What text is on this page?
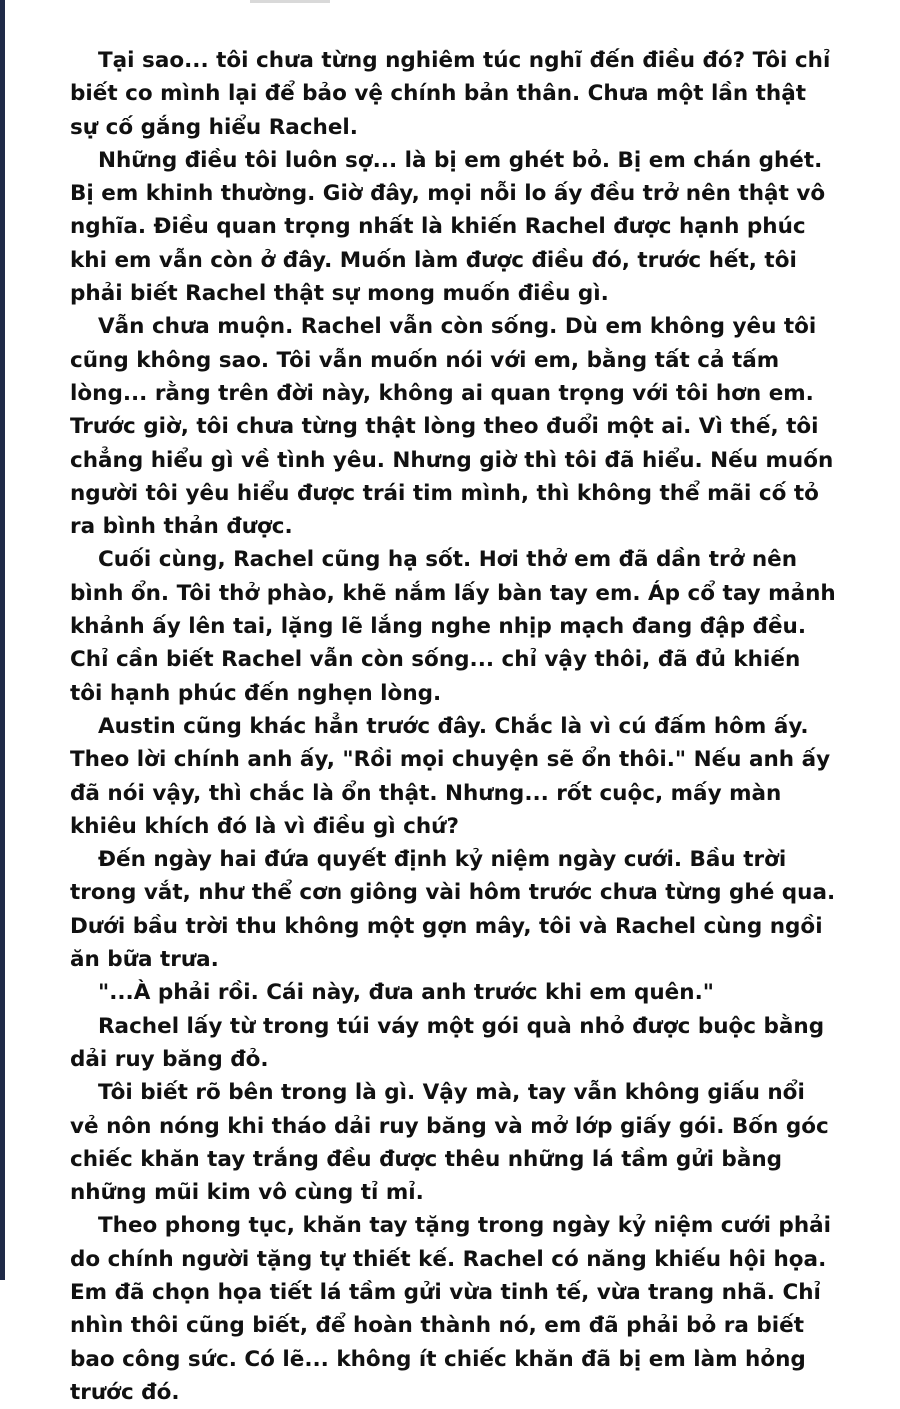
Tại sao... tôi chưa từng nghiêm túc nghĩ đến điều đó? Tôi chỉ biết co mình lại để bảo vệ chính bản thân. Chưa một lần thật sự cố gắng hiểu Rachel.

Những điều tôi luôn sợ... là bị em ghét bỏ. Bị em chán ghét. Bị em khinh thường. Giờ đây, mọi nỗi lo ấy đều trở nên thật vô nghĩa. Điều quan trọng nhất là khiến Rachel được hạnh phúc khi em vẫn còn ở đây. Muốn làm được điều đó, trước hết, tôi phải biết Rachel thật sự mong muốn điều gì.

Vẫn chưa muộn. Rachel vẫn còn sống. Dù em không yêu tôi cũng không sao. Tôi vẫn muốn nói với em, bằng tất cả tấm lòng... rằng trên đời này, không ai quan trọng với tôi hơn em. Trước giờ, tôi chưa từng thật lòng theo đuổi một ai. Vì thế, tôi chẳng hiểu gì về tình yêu. Nhưng giờ thì tôi đã hiểu. Nếu muốn người tôi yêu hiểu được trái tim mình, thì không thể mãi cố tỏ ra bình thản được.

Cuối cùng, Rachel cũng hạ sốt. Hơi thở em đã dần trở nên bình ổn. Tôi thở phào, khẽ nắm lấy bàn tay em. Áp cổ tay mảnh khảnh ấy lên tai, lặng lẽ lắng nghe nhịp mạch đang đập đều. Chỉ cần biết Rachel vẫn còn sống... chỉ vậy thôi, đã đủ khiến tôi hạnh phúc đến nghẹn lòng.

Austin cũng khác hẳn trước đây. Chắc là vì cú đấm hôm ấy. Theo lời chính anh ấy, "Rồi mọi chuyện sẽ ổn thôi." Nếu anh ấy đã nói vậy, thì chắc là ổn thật. Nhưng... rốt cuộc, mấy màn khiêu khích đó là vì điều gì chứ?

Đến ngày hai đứa quyết định kỷ niệm ngày cưới. Bầu trời trong vắt, như thể cơn giông vài hôm trước chưa từng ghé qua. Dưới bầu trời thu không một gợn mây, tôi và Rachel cùng ngồi ăn bữa trưa.

"...À phải rồi. Cái này, đưa anh trước khi em quên."

Rachel lấy từ trong túi váy một gói quà nhỏ được buộc bằng dải ruy băng đỏ.

Tôi biết rõ bên trong là gì. Vậy mà, tay vẫn không giấu nổi vẻ nôn nóng khi tháo dải ruy băng và mở lớp giấy gói. Bốn góc chiếc khăn tay trắng đều được thêu những lá tầm gửi bằng những mũi kim vô cùng tỉ mỉ.

Theo phong tục, khăn tay tặng trong ngày kỷ niệm cưới phải do chính người tặng tự thiết kế. Rachel có năng khiếu hội họa. Em đã chọn họa tiết lá tầm gửi vừa tinh tế, vừa trang nhã. Chỉ nhìn thôi cũng biết, để hoàn thành nó, em đã phải bỏ ra biết bao công sức. Có lẽ... không ít chiếc khăn đã bị em làm hỏng trước đó.
